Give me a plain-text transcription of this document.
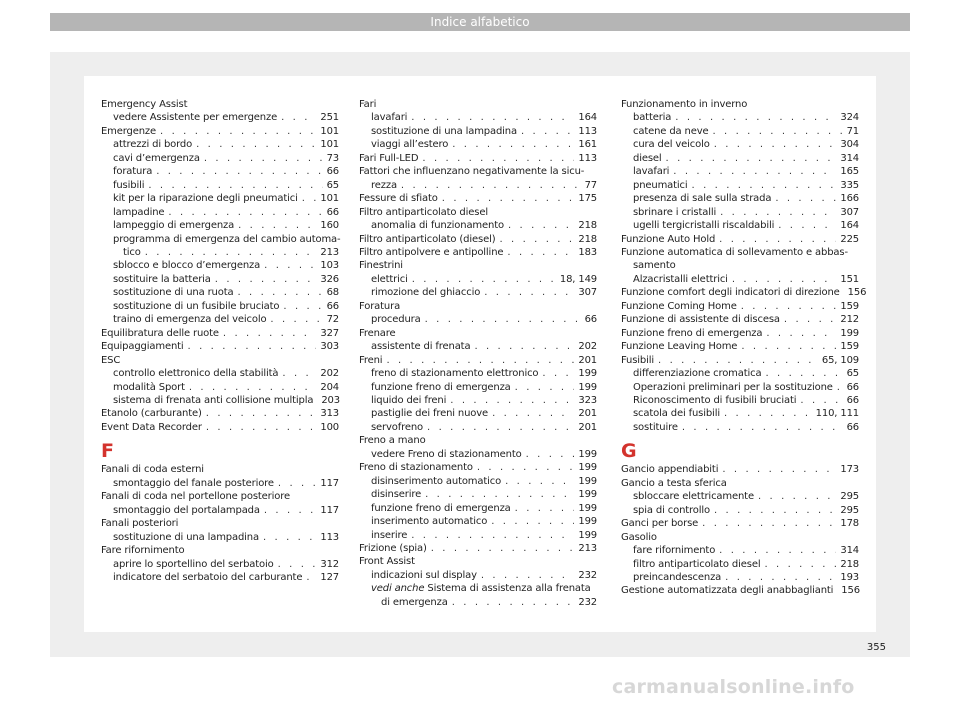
Indice alfabetico
Emergency Assist
vedere Assistente per emergenze . . .	251
Emergenze . . .	101
attrezzi di bordo . . .	101
cavi d’emergenza . . .	73
foratura . . .	66
fusibili . . .	65
kit per la riparazione degli pneumatici . . . 101
lampadine . . .	66
lampeggio di emergenza . . .	160
programma di emergenza del cambio automa-
tico . . .	213
sblocco e blocco d’emergenza . . .	103
sostituire la batteria . . .	326
sostituzione di una ruota . . .	68
sostituzione di un fusibile bruciato . . .	66
traino di emergenza del veicolo . . .	72
Equilibratura delle ruote . . .	327
Equipaggiamenti . . .	303
ESC
controllo elettronico della stabilità . . .	202
modalità Sport . . .	204
sistema di frenata anti collisione multipla 203
Etanolo (carburante) . . .	313
Event Data Recorder . . .	100
F
Fanali di coda esterni
smontaggio del fanale posteriore . . .	117
Fanali di coda nel portellone posteriore
smontaggio del portalampada . . .	117
Fanali posteriori
sostituzione di una lampadina . . .	113
Fare rifornimento
aprire lo sportellino del serbatoio . . .	312
indicatore del serbatoio del carburante . . . 127
Fari
lavafari . . .	164
sostituzione di una lampadina . . .	113
viaggi all’estero . . .	161
Fari Full-LED . . .	113
Fattori che influenzano negativamente la sicu-
rezza . . .	77
Fessure di sfiato . . .	175
Filtro antiparticolato diesel
anomalia di funzionamento . . .	218
Filtro antiparticolato (diesel) . . .	218
Filtro antipolvere e antipolline . . .	183
Finestrini
elettrici . . .	18, 149
rimozione del ghiaccio . . .	307
Foratura
procedura . . .	66
Frenare
assistente di frenata . . .	202
Freni . . .	201
freno di stazionamento elettronico . . .	199
funzione freno di emergenza . . .	199
liquido dei freni . . .	323
pastiglie dei freni nuove . . .	201
servofreno . . .	201
Freno a mano
vedere Freno di stazionamento . . .	199
Freno di stazionamento . . .	199
disinserimento automatico . . .	199
disinserire . . .	199
funzione freno di emergenza . . .	199
inserimento automatico . . .	199
inserire . . .	199
Frizione (spia) . . .	213
Front Assist
indicazioni sul display . . .	232
vedi anche Sistema di assistenza alla frenata
di emergenza . . .	232
Funzionamento in inverno
batteria . . .	324
catene da neve . . .	71
cura del veicolo . . .	304
diesel . . .	314
lavafari . . .	165
pneumatici . . .	335
presenza di sale sulla strada . . .	166
sbrinare i cristalli . . .	307
ugelli tergicristalli riscaldabili . . .	164
Funzione Auto Hold . . .	225
Funzione automatica di sollevamento e abbas-
samento
Alzacristalli elettrici . . .	151
Funzione comfort degli indicatori di direzione 156
Funzione Coming Home . . .	159
Funzione di assistente di discesa . . .	212
Funzione freno di emergenza . . .	199
Funzione Leaving Home . . .	159
Fusibili . . .	65, 109
differenziazione cromatica . . .	65
Operazioni preliminari per la sostituzione . . . 66
Riconoscimento di fusibili bruciati . . .	66
scatola dei fusibili . . .	110, 111
sostituire . . .	66
G
Gancio appendiabiti . . .	173
Gancio a testa sferica
sbloccare elettricamente . . .	295
spia di controllo . . .	295
Ganci per borse . . .	178
Gasolio
fare rifornimento . . .	314
filtro antiparticolato diesel . . .	218
preincandescenza . . .	193
Gestione automatizzata degli anabbaglianti 156
355
carmanualsonline.info
